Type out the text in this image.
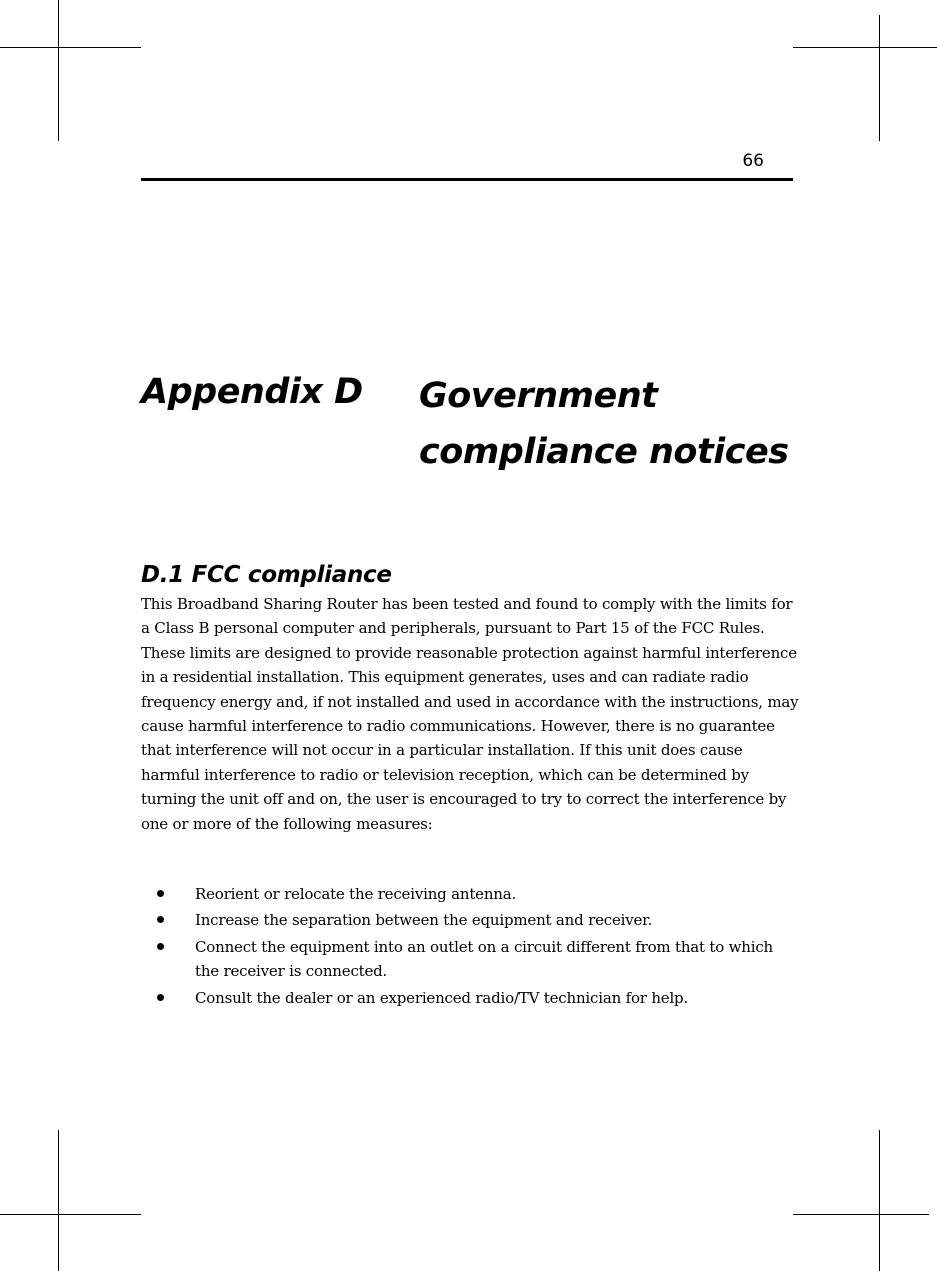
66
Appendix D Government
compliance notices
D.1 FCC compliance

This Broadband Sharing Router has been tested and found to comply with the limits for a Class B personal computer and peripherals, pursuant to Part 15 of the FCC Rules. These limits are designed to provide reasonable protection against harmful interference in a residential installation. This equipment generates, uses and can radiate radio frequency energy and, if not installed and used in accordance with the instructions, may cause harmful interference to radio communications. However, there is no guarantee that interference will not occur in a particular installation. If this unit does cause harmful interference to radio or television reception, which can be determined by turning the unit off and on, the user is encouraged to try to correct the interference by one or more of the following measures:

Reorient or relocate the receiving antenna.
Increase the separation between the equipment and receiver.
Connect the equipment into an outlet on a circuit different from that to which the receiver is connected.
Consult the dealer or an experienced radio/TV technician for help.
